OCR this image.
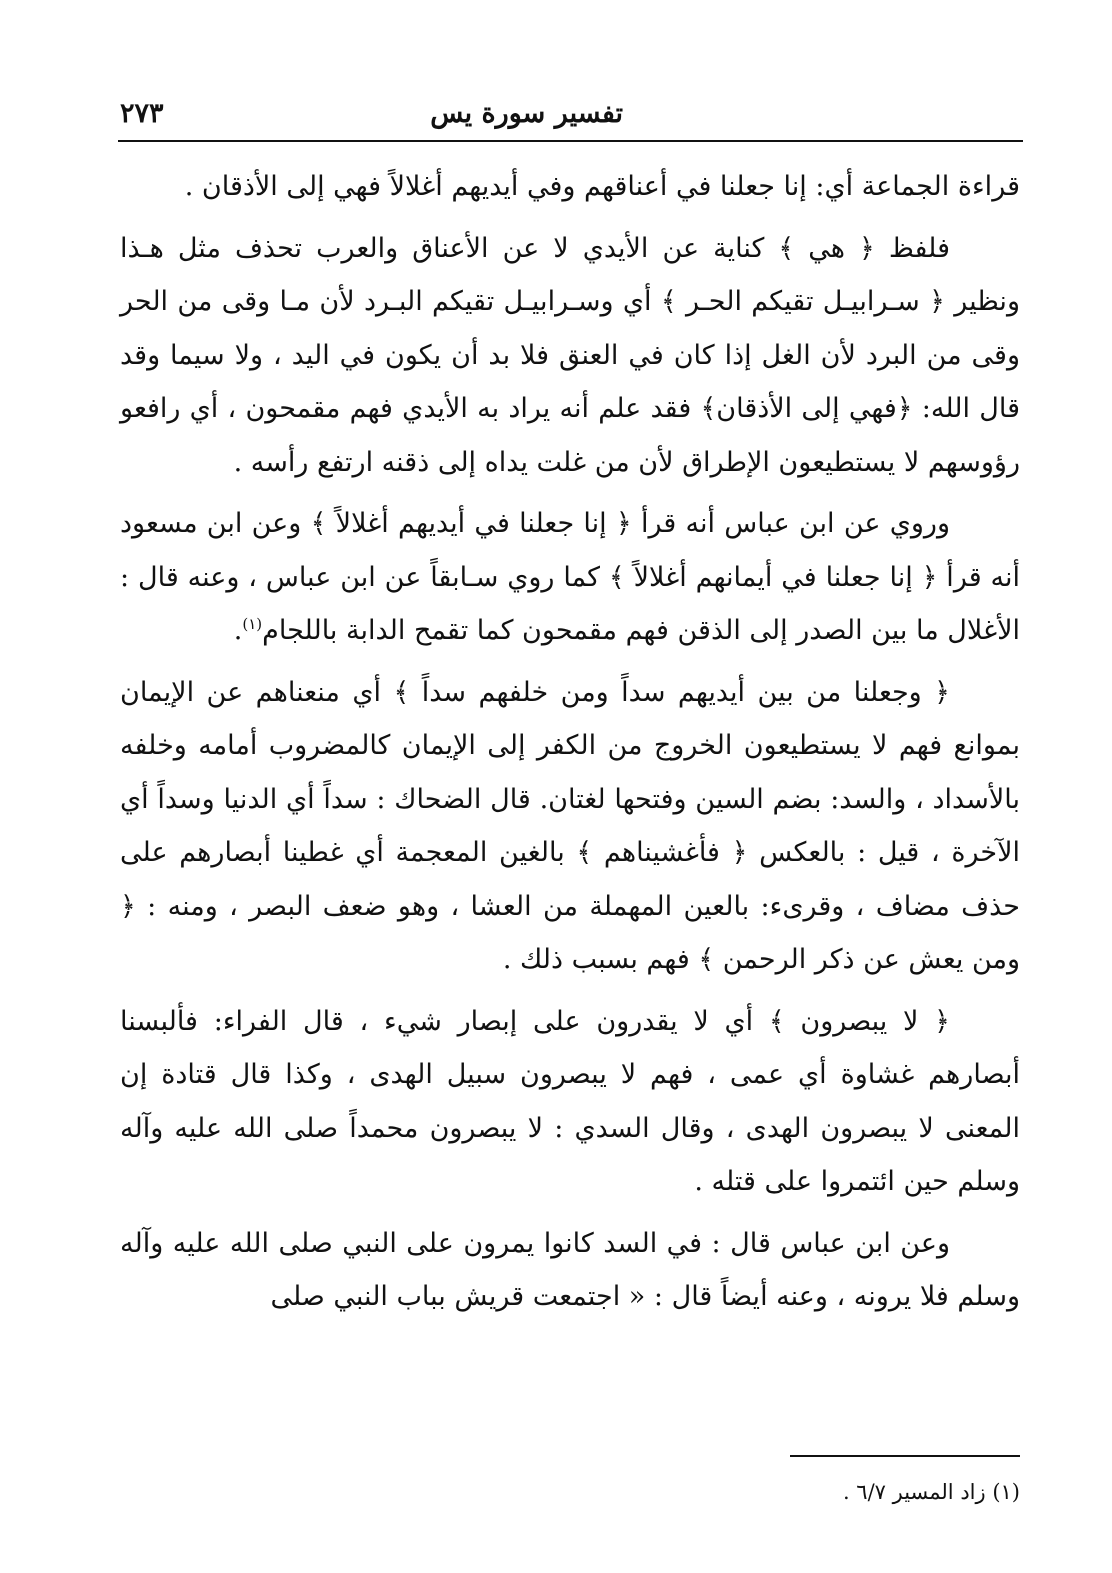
تفسير سورة يس
٢٧٣

قراءة الجماعة أي: إنا جعلنا في أعناقهم وفي أيديهم أغلالاً فهي إلى الأذقان .

فلفظ ﴿ هي ﴾ كناية عن الأيدي لا عن الأعناق والعرب تحذف مثل هـذا ونظير ﴿ سـرابيـل تقيكم الحـر ﴾ أي وسـرابيـل تقيكم البـرد لأن مـا وقى من الحر وقى من البرد لأن الغل إذا كان في العنق فلا بد أن يكون في اليد ، ولا سيما وقد قال الله: ﴿فهي إلى الأذقان﴾ فقد علم أنه يراد به الأيدي فهم مقمحون ، أي رافعو رؤوسهم لا يستطيعون الإطراق لأن من غلت يداه إلى ذقنه ارتفع رأسه .

وروي عن ابن عباس أنه قرأ ﴿ إنا جعلنا في أيديهم أغلالاً ﴾ وعن ابن مسعود أنه قرأ ﴿ إنا جعلنا في أيمانهم أغلالاً ﴾ كما روي سـابقاً عن ابن عباس ، وعنه قال : الأغلال ما بين الصدر إلى الذقن فهم مقمحون كما تقمح الدابة باللجام$^{(١)}$.

﴿ وجعلنا من بين أيديهم سداً ومن خلفهم سداً ﴾ أي منعناهم عن الإيمان بموانع فهم لا يستطيعون الخروج من الكفر إلى الإيمان كالمضروب أمامه وخلفه بالأسداد ، والسد: بضم السين وفتحها لغتان. قال الضحاك : سداً أي الدنيا وسداً أي الآخرة ، قيل : بالعكس ﴿ فأغشيناهم ﴾ بالغين المعجمة أي غطينا أبصارهم على حذف مضاف ، وقرىء: بالعين المهملة من العشا ، وهو ضعف البصر ، ومنه : ﴿ ومن يعش عن ذكر الرحمن ﴾ فهم بسبب ذلك .

﴿ لا يبصرون ﴾ أي لا يقدرون على إبصار شيء ، قال الفراء: فألبسنا أبصارهم غشاوة أي عمى ، فهم لا يبصرون سبيل الهدى ، وكذا قال قتادة إن المعنى لا يبصرون الهدى ، وقال السدي : لا يبصرون محمداً صلى الله عليه وآله وسلم حين ائتمروا على قتله .

وعن ابن عباس قال : في السد كانوا يمرون على النبي صلى الله عليه وآله وسلم فلا يرونه ، وعنه أيضاً قال : « اجتمعت قريش بباب النبي صلى

(١) زاد المسير ٦/٧ .
